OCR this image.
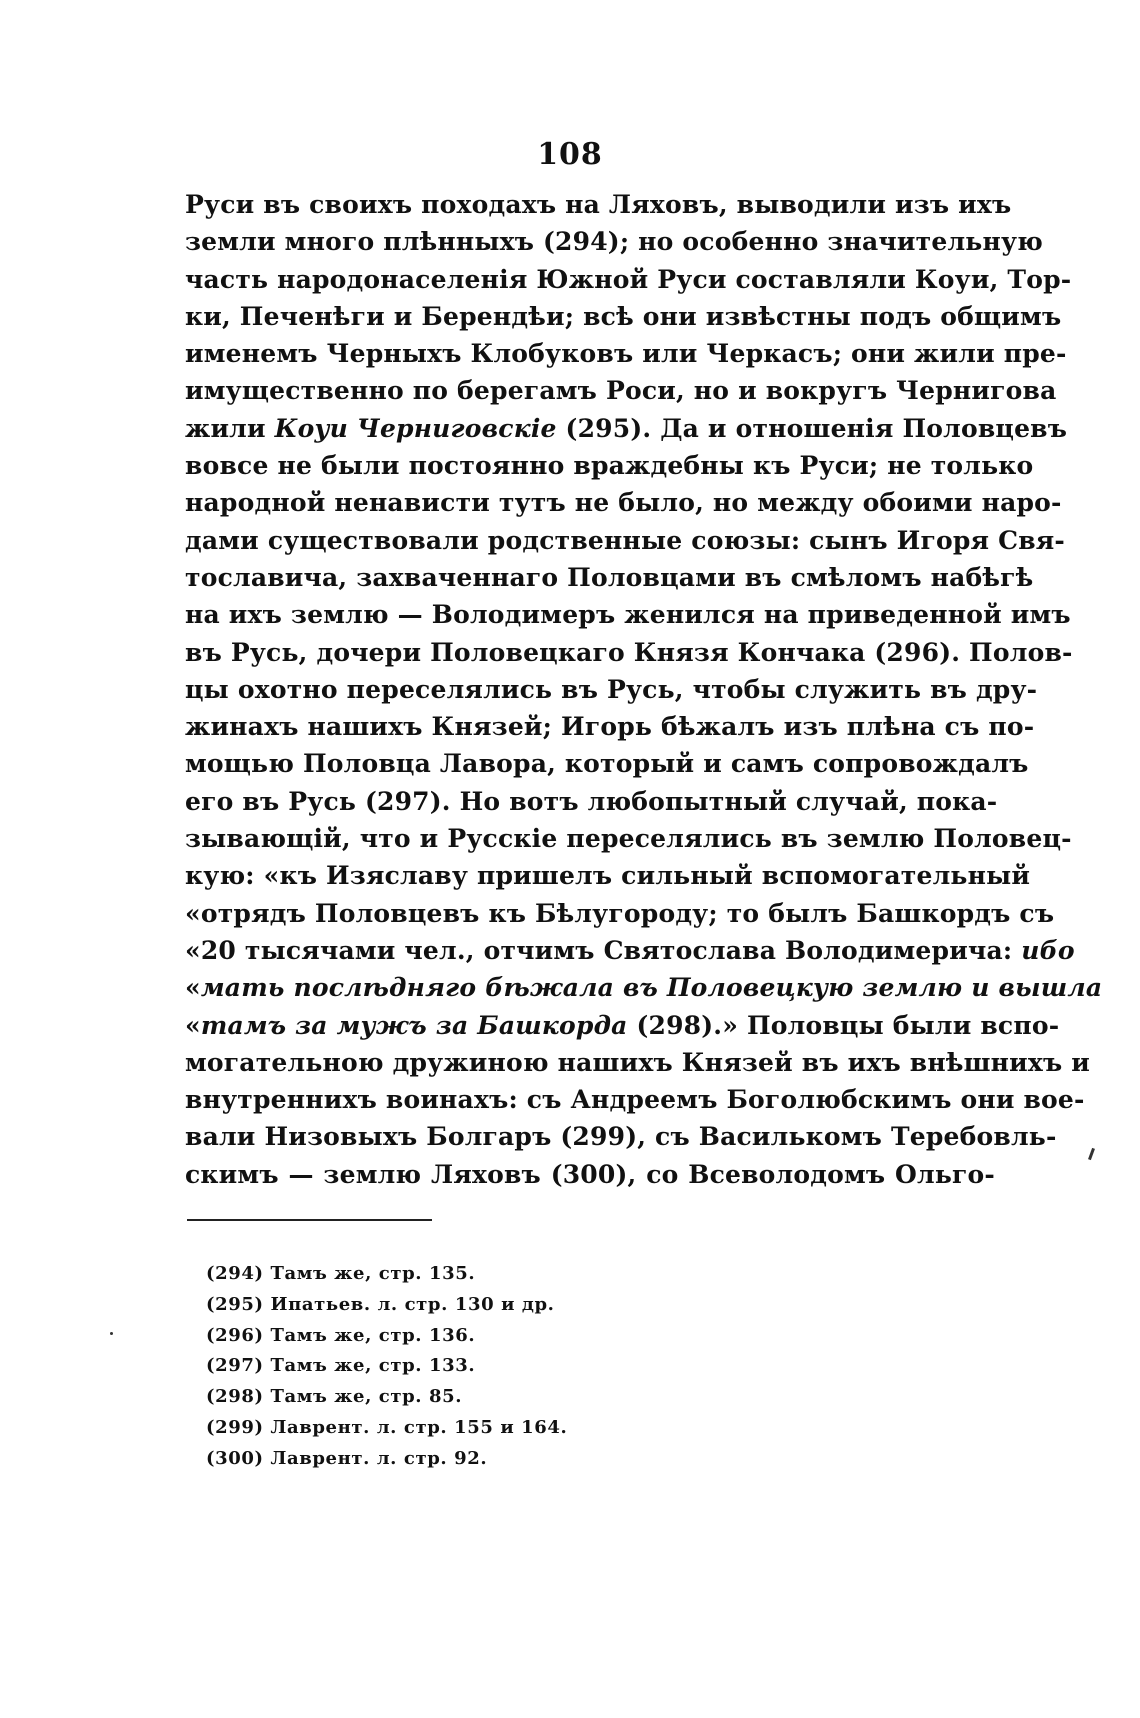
108
Руси въ своихъ походахъ на Ляховъ, выводили изъ ихъ
земли много плѣнныхъ (294); но особенно значительную
часть народонаселенія Южной Руси составляли Коуи, Тор-
ки, Печенѣги и Берендѣи; всѣ они извѣстны подъ общимъ
именемъ Черныхъ Клобуковъ или Черкасъ; они жили пре-
имущественно по берегамъ Роси, но и вокругъ Чернигова
жили Коуи Черниговскіе (295). Да и отношенія Половцевъ
вовсе не были постоянно враждебны къ Руси; не только
народной ненависти тутъ не было, но между обоими наро-
дами существовали родственные союзы: сынъ Игоря Свя-
тославича, захваченнаго Половцами въ смѣломъ набѣгѣ
на ихъ землю — Володимеръ женился на приведенной имъ
въ Русь, дочери Половецкаго Князя Кончака (296). Полов-
цы охотно переселялись въ Русь, чтобы служить въ дру-
жинахъ нашихъ Князей; Игорь бѣжалъ изъ плѣна съ по-
мощью Половца Лавора, который и самъ сопровождалъ
его въ Русь (297). Но вотъ любопытный случай, пока-
зывающій, что и Русскіе переселялись въ землю Половец-
кую: «къ Изяславу пришелъ сильный вспомогательный
«отрядъ Половцевъ къ Бѣлугороду; то былъ Башкордъ съ
«20 тысячами чел., отчимъ Святослава Володимерича: ибо
«мать послѣдняго бѣжала въ Половецкую землю и вышла
«тамъ за мужъ за Башкорда (298).» Половцы были вспо-
могательною дружиною нашихъ Князей въ ихъ внѣшнихъ и
внутреннихъ воинахъ: съ Андреемъ Боголюбскимъ они вое-
вали Низовыхъ Болгаръ (299), съ Василькомъ Теребовль-
скимъ — землю Ляховъ (300), со Всеволодомъ Ольго-
(294) Тамъ же, стр. 135.
(295) Ипатьев. л. стр. 130 и др.
(296) Тамъ же, стр. 136.
(297) Тамъ же, стр. 133.
(298) Тамъ же, стр. 85.
(299) Лаврент. л. стр. 155 и 164.
(300) Лаврент. л. стр. 92.
